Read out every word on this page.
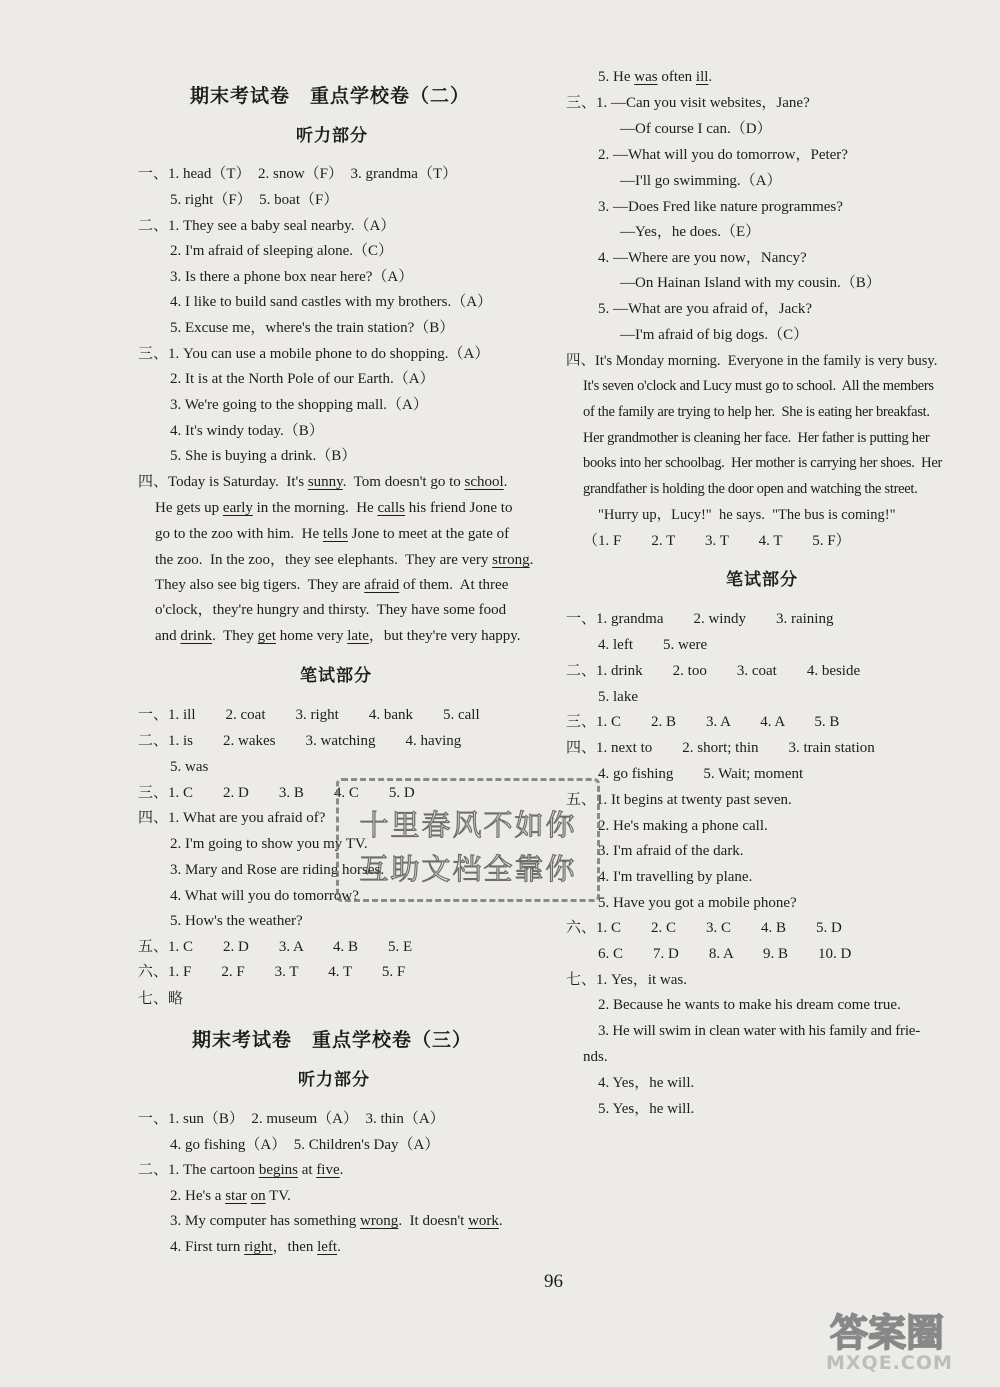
期末考试卷　重点学校卷（二）
听力部分
一、1. head（T）　2. snow（F）　3. grandma（T）
5. right（F）　5. boat（F）
二、1. They see a baby seal nearby.（A）
2. I'm afraid of sleeping alone.（C）
3. Is there a phone box near here?（A）
4. I like to build sand castles with my brothers.（A）
5. Excuse me，where's the train station?（B）
三、1. You can use a mobile phone to do shopping.（A）
2. It is at the North Pole of our Earth.（A）
3. We're going to the shopping mall.（A）
4. It's windy today.（B）
5. She is buying a drink.（B）
四、Today is Saturday.  It's sunny.  Tom doesn't go to school.
He gets up early in the morning.  He calls his friend Jone to
go to the zoo with him.  He tells Jone to meet at the gate of
the zoo.  In the zoo，they see elephants.  They are very strong.
They also see big tigers.  They are afraid of them.  At three
o'clock，they're hungry and thirsty.  They have some food
and drink.  They get home very late，but they're very happy.
笔试部分
一、1. ill　　2. coat　　3. right　　4. bank　　5. call
二、1. is　　2. wakes　　3. watching　　4. having
5. was
三、1. C　　2. D　　3. B　　4. C　　5. D
四、1. What are you afraid of?
2. I'm going to show you my TV.
3. Mary and Rose are riding horses.
4. What will you do tomorrow?
5. How's the weather?
五、1. C　　2. D　　3. A　　4. B　　5. E
六、1. F　　2. F　　3. T　　4. T　　5. F
七、略
期末考试卷　重点学校卷（三）
听力部分
一、1. sun（B）　2. museum（A）　3. thin（A）
4. go fishing（A）　5. Children's Day（A）
二、1. The cartoon begins at five.
2. He's a star on TV.
3. My computer has something wrong.  It doesn't work.
4. First turn right，then left.
5. He was often ill.
三、1. —Can you visit websites，Jane?
—Of course I can.（D）
2. —What will you do tomorrow，Peter?
—I'll go swimming.（A）
3. —Does Fred like nature programmes?
—Yes，he does.（E）
4. —Where are you now，Nancy?
—On Hainan Island with my cousin.（B）
5. —What are you afraid of，Jack?
—I'm afraid of big dogs.（C）
四、It's Monday morning.  Everyone in the family is very busy.
It's seven o'clock and Lucy must go to school.  All the members
of the family are trying to help her.  She is eating her breakfast.
Her grandmother is cleaning her face.  Her father is putting her
books into her schoolbag.  Her mother is carrying her shoes.  Her
grandfather is holding the door open and watching the street.
"Hurry up，Lucy!"  he says.  "The bus is coming!"
（1. F　　2. T　　3. T　　4. T　　5. F）
笔试部分
一、1. grandma　　2. windy　　3. raining
4. left　　5. were
二、1. drink　　2. too　　3. coat　　4. beside
5. lake
三、1. C　　2. B　　3. A　　4. A　　5. B
四、1. next to　　2. short; thin　　3. train station
4. go fishing　　5. Wait; moment
五、1. It begins at twenty past seven.
2. He's making a phone call.
3. I'm afraid of the dark.
4. I'm travelling by plane.
5. Have you got a mobile phone?
六、1. C　　2. C　　3. C　　4. B　　5. D
6. C　　7. D　　8. A　　9. B　　10. D
七、1. Yes，it was.
2. Because he wants to make his dream come true.
3. He will swim in clean water with his family and frie-
nds.
4. Yes，he will.
5. Yes，he will.
96
十里春风不如你
互助文档全靠你
答案圈
MXQE.COM
